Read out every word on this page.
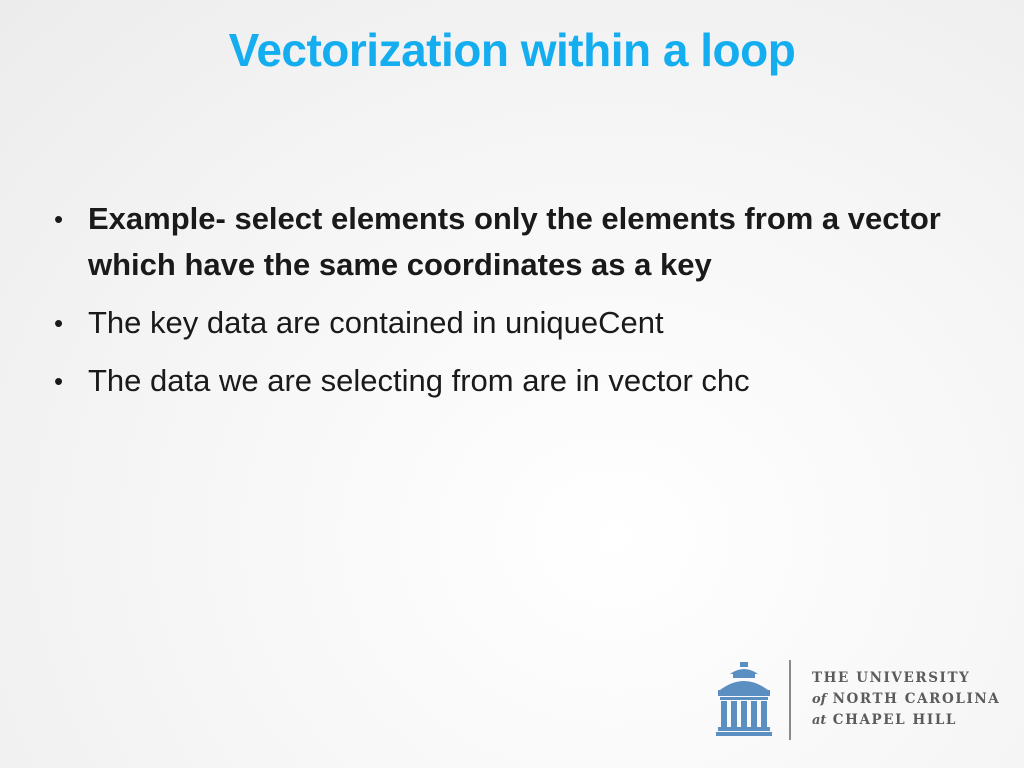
Vectorization within a loop
• Example- select elements only the elements from a vector which have the same coordinates as a key
• The key data are contained in uniqueCent
• The data we are selecting from are in vector chc
THE UNIVERSITY
of NORTH CAROLINA
at CHAPEL HILL
